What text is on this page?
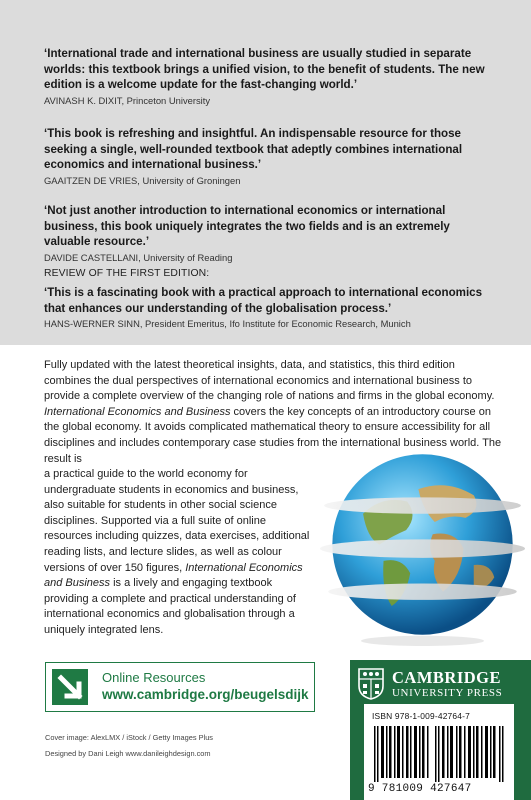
‘International trade and international business are usually studied in separate worlds: this textbook brings a unified vision, to the benefit of students. The new edition is a welcome update for the fast-changing world.’
AVINASH K. DIXIT, Princeton University
‘This book is refreshing and insightful. An indispensable resource for those seeking a single, well-rounded textbook that adeptly combines international economics and international business.’
GAAITZEN DE VRIES, University of Groningen
‘Not just another introduction to international economics or international business, this book uniquely integrates the two fields and is an extremely valuable resource.’
DAVIDE CASTELLANI, University of Reading
REVIEW OF THE FIRST EDITION:
‘This is a fascinating book with a practical approach to international economics that enhances our understanding of the globalisation process.’
HANS-WERNER SINN, President Emeritus, Ifo Institute for Economic Research, Munich
Fully updated with the latest theoretical insights, data, and statistics, this third edition combines the dual perspectives of international economics and international business to provide a complete overview of the changing role of nations and firms in the global economy. International Economics and Business covers the key concepts of an introductory course on the global economy. It avoids complicated mathematical theory to ensure accessibility for all disciplines and includes contemporary case studies from the international business world. The result is
a practical guide to the world economy for undergraduate students in economics and business, also suitable for students in other social science disciplines. Supported via a full suite of online resources including quizzes, data exercises, additional reading lists, and lecture slides, as well as colour versions of over 150 figures, International Economics and Business is a lively and engaging textbook providing a complete and practical understanding of international economics and globalisation through a uniquely integrated lens.
Online Resources
www.cambridge.org/beugelsdijk
Cover image: AlexLMX / iStock / Getty Images Plus
Designed by Dani Leigh www.danileighdesign.com
CAMBRIDGE
UNIVERSITY PRESS
ISBN 978-1-009-42764-7
9 781009 427647
